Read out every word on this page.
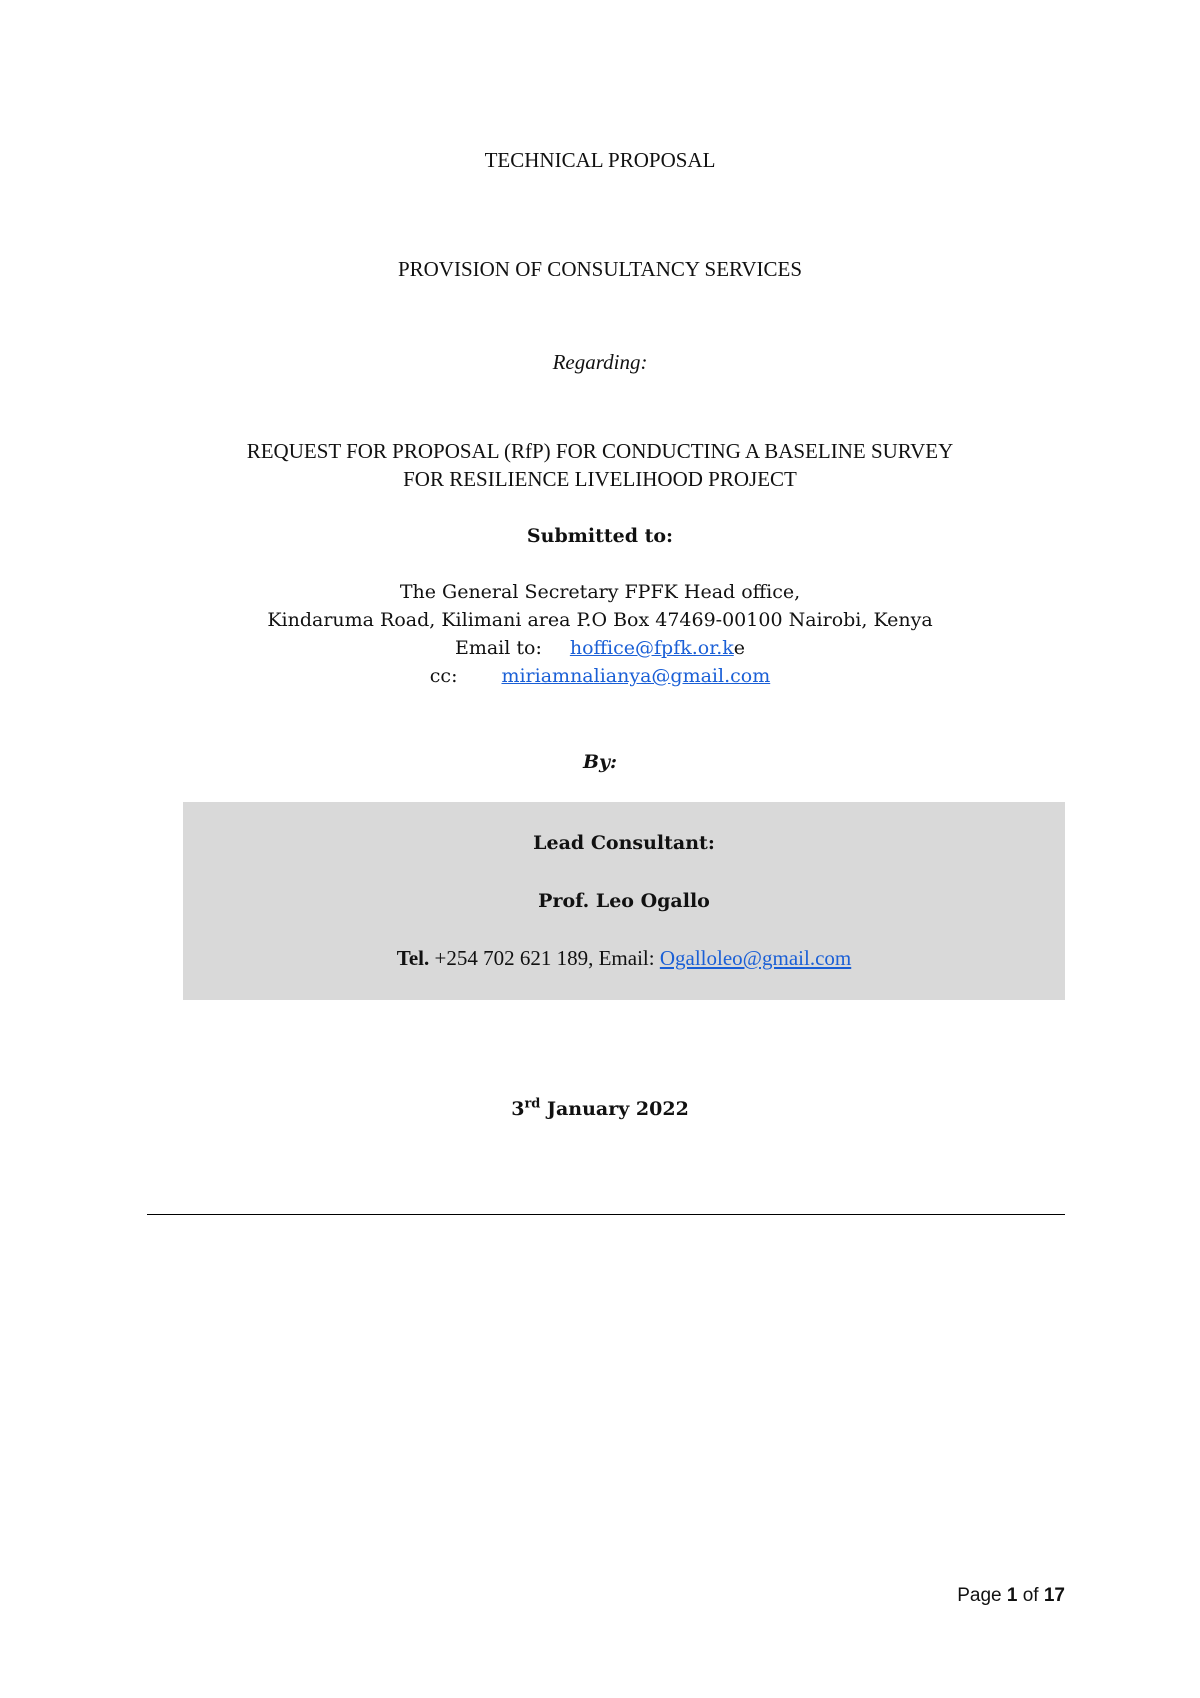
TECHNICAL PROPOSAL
PROVISION OF CONSULTANCY SERVICES
Regarding:
REQUEST FOR PROPOSAL (RfP) FOR CONDUCTING A BASELINE SURVEY
FOR RESILIENCE LIVELIHOOD PROJECT
Submitted to:
The General Secretary FPFK Head office,
Kindaruma Road, Kilimani area P.O Box 47469-00100 Nairobi, Kenya
Email to: hoffice@fpfk.or.ke
cc: miriamnalianya@gmail.com
By:
Lead Consultant:
Prof. Leo Ogallo
Tel. +254 702 621 189, Email: Ogalloleo@gmail.com
3rd January 2022
Page 1 of 17
